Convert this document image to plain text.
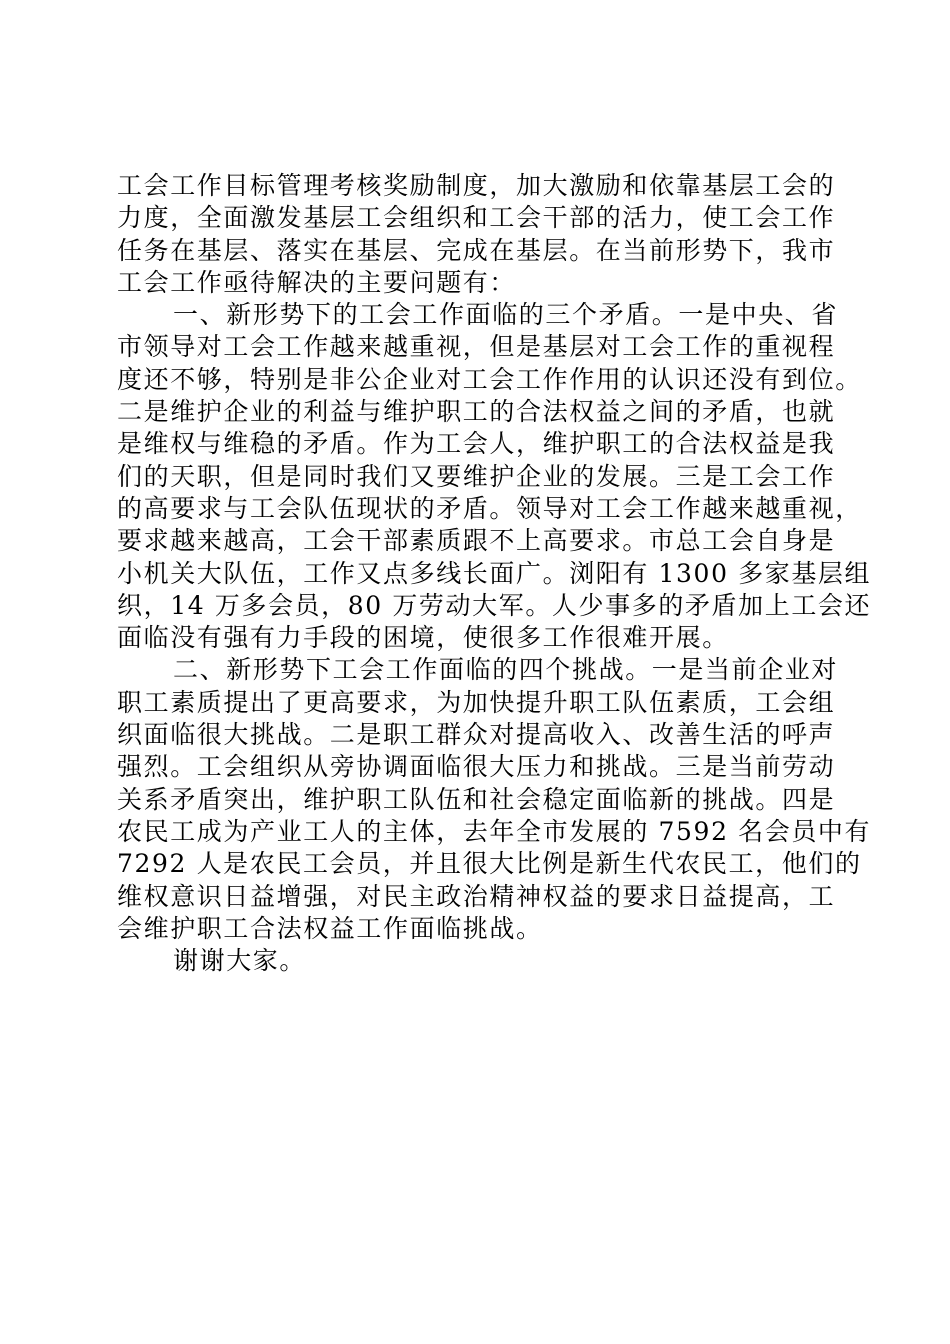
工会工作目标管理考核奖励制度，加大激励和依靠基层工会的
力度，全面激发基层工会组织和工会干部的活力，使工会工作
任务在基层、落实在基层、完成在基层。在当前形势下，我市
工会工作亟待解决的主要问题有：
一、新形势下的工会工作面临的三个矛盾。一是中央、省
市领导对工会工作越来越重视，但是基层对工会工作的重视程
度还不够，特别是非公企业对工会工作作用的认识还没有到位。
二是维护企业的利益与维护职工的合法权益之间的矛盾，也就
是维权与维稳的矛盾。作为工会人，维护职工的合法权益是我
们的天职，但是同时我们又要维护企业的发展。三是工会工作
的高要求与工会队伍现状的矛盾。领导对工会工作越来越重视，
要求越来越高，工会干部素质跟不上高要求。市总工会自身是
小机关大队伍，工作又点多线长面广。浏阳有 1300 多家基层组
织，14 万多会员，80 万劳动大军。人少事多的矛盾加上工会还
面临没有强有力手段的困境，使很多工作很难开展。
二、新形势下工会工作面临的四个挑战。一是当前企业对
职工素质提出了更高要求，为加快提升职工队伍素质，工会组
织面临很大挑战。二是职工群众对提高收入、改善生活的呼声
强烈。工会组织从旁协调面临很大压力和挑战。三是当前劳动
关系矛盾突出，维护职工队伍和社会稳定面临新的挑战。四是
农民工成为产业工人的主体，去年全市发展的 7592 名会员中有
7292 人是农民工会员，并且很大比例是新生代农民工，他们的
维权意识日益增强，对民主政治精神权益的要求日益提高，工
会维护职工合法权益工作面临挑战。
谢谢大家。
